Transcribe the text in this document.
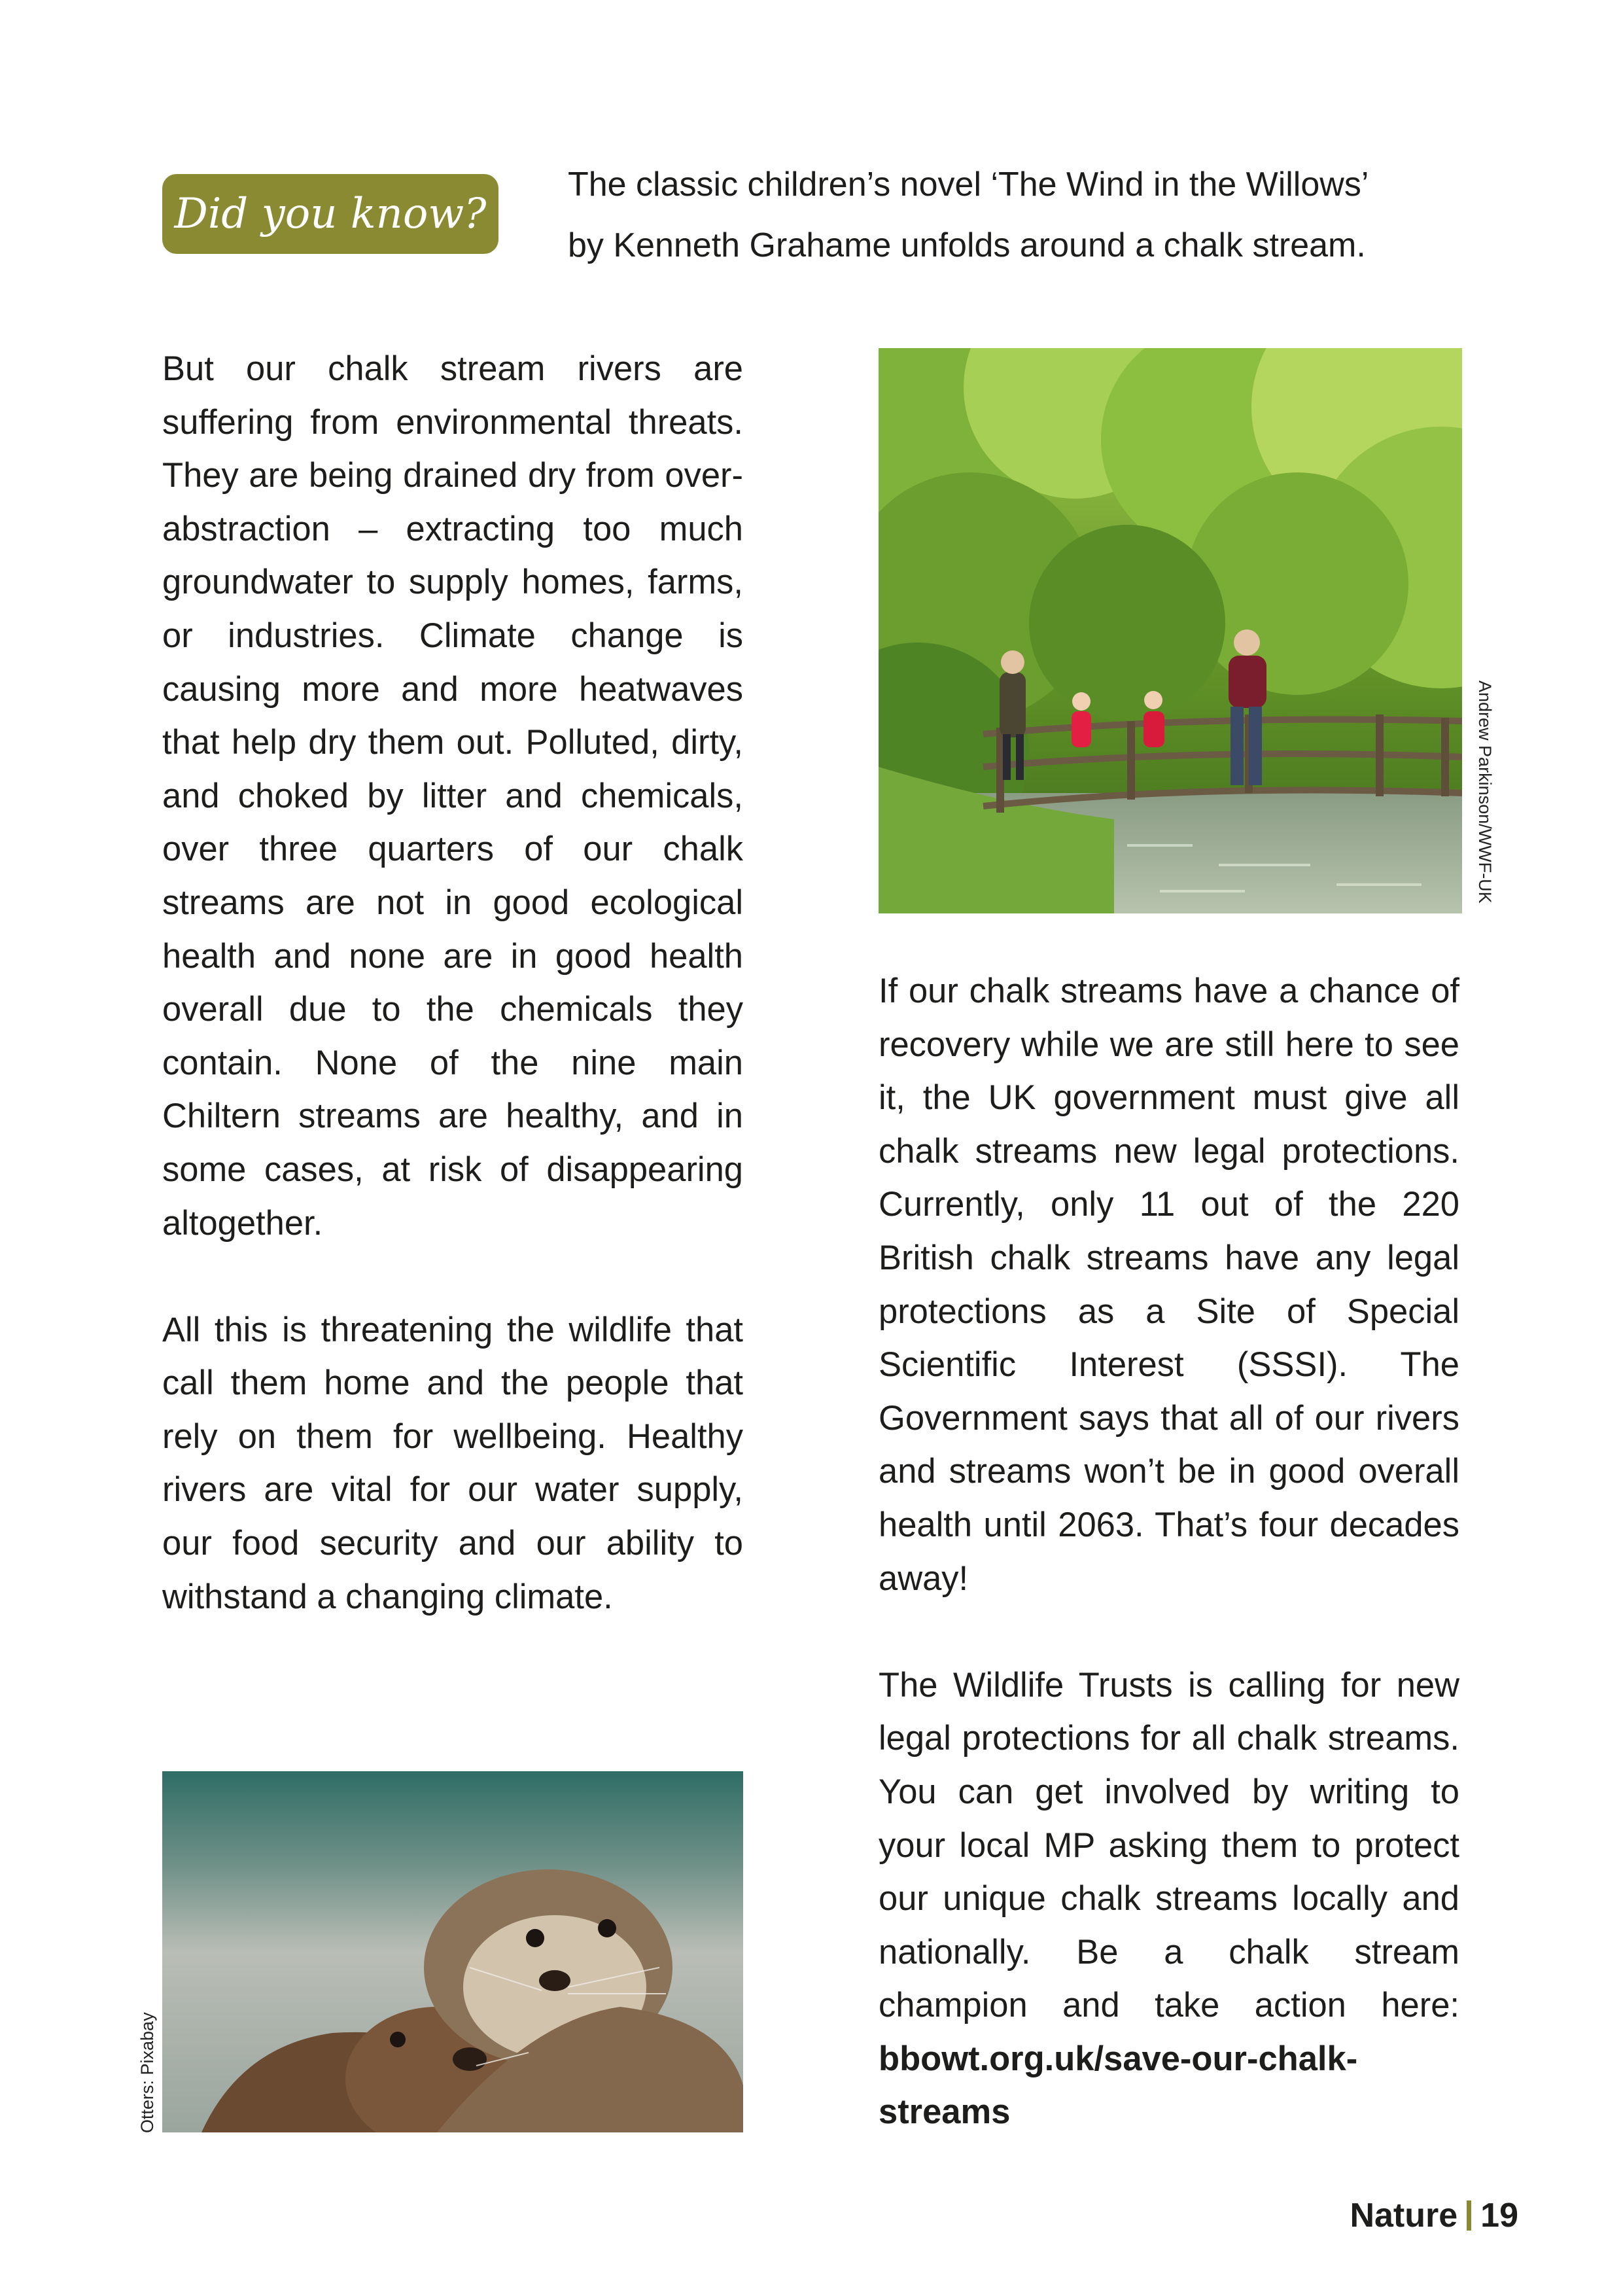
Did you know?

The classic children’s novel ‘The Wind in the Willows’

by Kenneth Grahame unfolds around a chalk stream.

But our chalk stream rivers are suffering from environmental threats. They are being drained dry from over-abstraction – extracting too much groundwater to supply homes, farms, or industries. Climate change is causing more and more heatwaves that help dry them out. Polluted, dirty, and choked by litter and chemicals, over three quarters of our chalk streams are not in good ecological health and none are in good health overall due to the chemicals they contain. None of the nine main Chiltern streams are healthy, and in some cases, at risk of disappearing altogether.

All this is threatening the wildlife that call them home and the people that rely on them for wellbeing. Healthy rivers are vital for our water supply, our food security and our ability to withstand a changing climate.

Andrew Parkinson/WWF-UK

If our chalk streams have a chance of recovery while we are still here to see it, the UK government must give all chalk streams new legal protections. Currently, only 11 out of the 220 British chalk streams have any legal protections as a Site of Special Scientific Interest (SSSI). The Government says that all of our rivers and streams won’t be in good overall health until 2063. That’s four decades away!

The Wildlife Trusts is calling for new legal protections for all chalk streams. You can get involved by writing to your local MP asking them to protect our unique chalk streams locally and nationally. Be a chalk stream champion and take action here: bbowt.org.uk/save-our-chalk-streams

Otters: Pixabay
Nature 19
